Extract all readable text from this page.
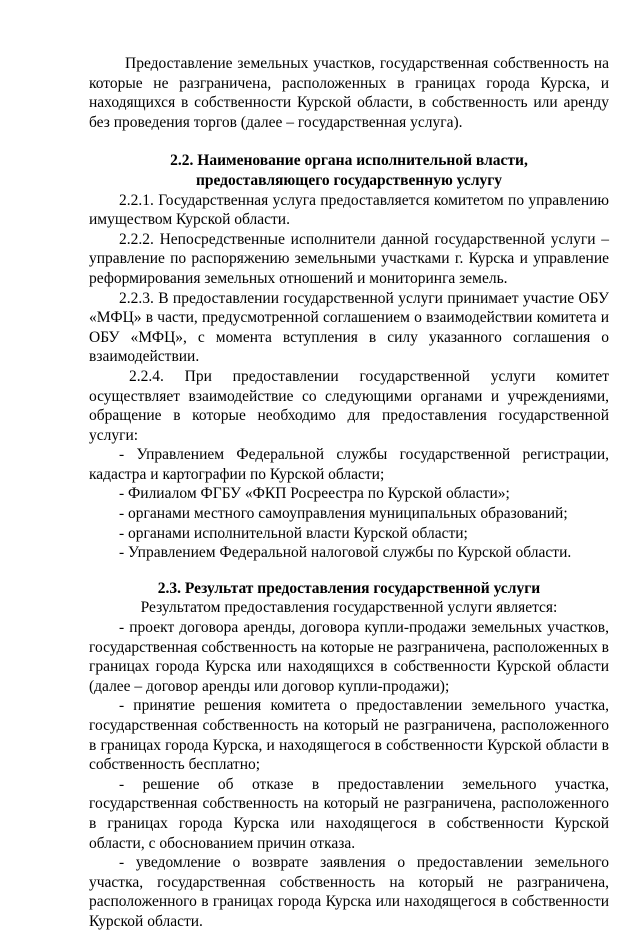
Предоставление земельных участков, государственная собственность на которые не разграничена, расположенных в границах города Курска, и находящихся в собственности Курской области, в собственность или аренду без проведения торгов (далее – государственная услуга).

2.2. Наименование органа исполнительной власти,

предоставляющего государственную услугу

2.2.1. Государственная услуга предоставляется комитетом по управлению имуществом Курской области.

2.2.2. Непосредственные исполнители данной государственной услуги – управление по распоряжению земельными участками г. Курска и управление реформирования земельных отношений и мониторинга земель.

2.2.3. В предоставлении государственной услуги принимает участие ОБУ «МФЦ» в части, предусмотренной соглашением о взаимодействии комитета и ОБУ «МФЦ», с момента вступления в силу указанного соглашения о взаимодействии.

2.2.4. При предоставлении государственной услуги комитет осуществляет взаимодействие со следующими органами и учреждениями, обращение в которые необходимо для предоставления государственной услуги:

- Управлением Федеральной службы государственной регистрации, кадастра и картографии по Курской области;

- Филиалом ФГБУ «ФКП Росреестра по Курской области»;

- органами местного самоуправления муниципальных образований;

- органами исполнительной власти Курской области;

- Управлением Федеральной налоговой службы по Курской области.

2.3. Результат предоставления государственной услуги

Результатом предоставления государственной услуги является:

- проект договора аренды, договора купли-продажи земельных участков, государственная собственность на которые не разграничена, расположенных в границах города Курска или находящихся в собственности Курской области (далее – договор аренды или договор купли-продажи);

- принятие решения комитета о предоставлении земельного участка, государственная собственность на который не разграничена, расположенного в границах города Курска, и находящегося в собственности Курской области в собственность бесплатно;

- решение об отказе в предоставлении земельного участка, государственная собственность на который не разграничена, расположенного в границах города Курска или находящегося в собственности Курской области, с обоснованием причин отказа.

- уведомление о возврате заявления о предоставлении земельного участка, государственная собственность на который не разграничена, расположенного в границах города Курска или находящегося в собственности Курской области.
